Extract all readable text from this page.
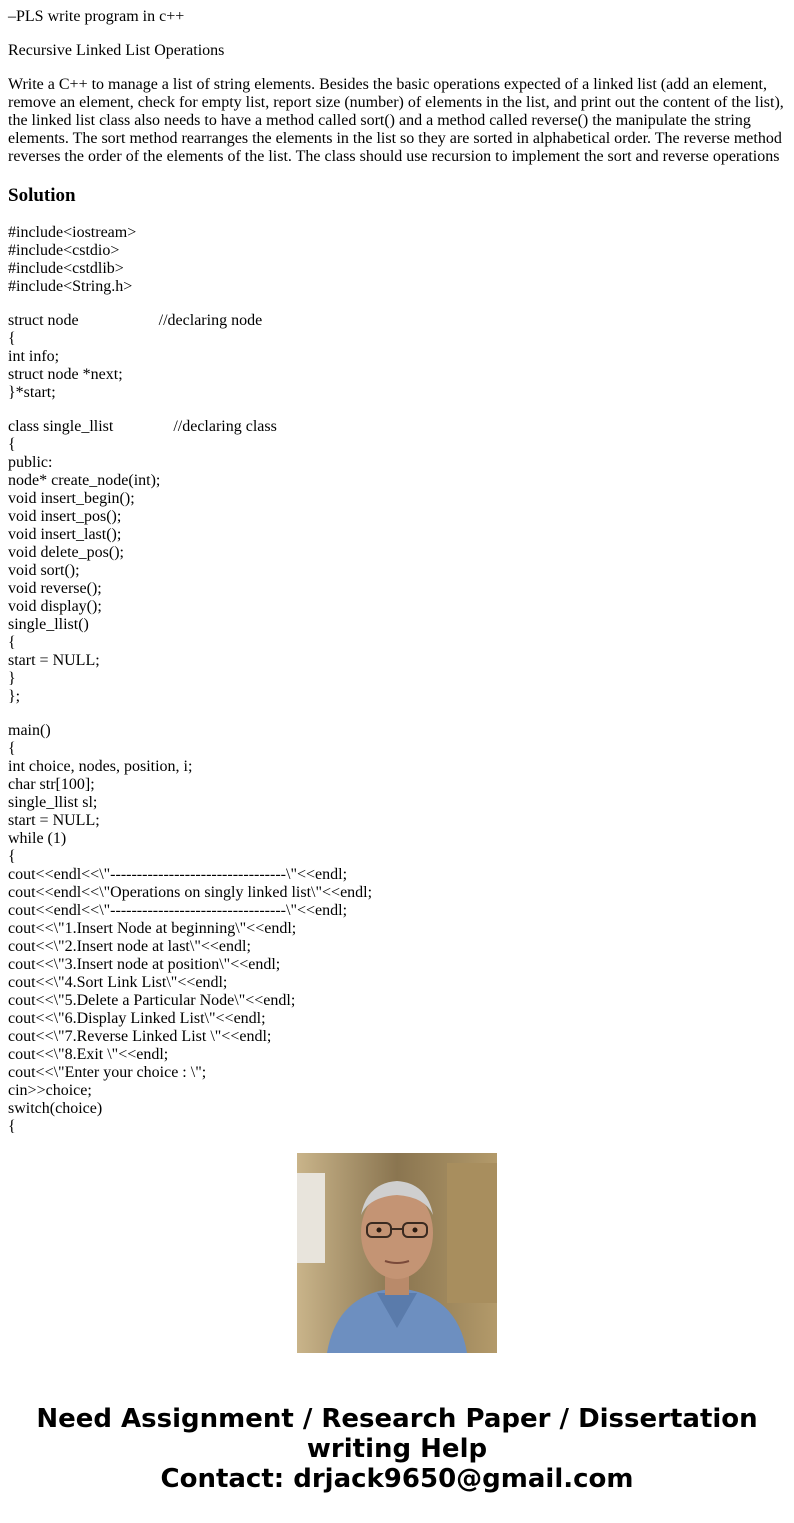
–PLS write program in c++
Recursive Linked List Operations
Write a C++ to manage a list of string elements. Besides the basic operations expected of a linked list (add an element, remove an element, check for empty list, report size (number) of elements in the list, and print out the content of the list), the linked list class also needs to have a method called sort() and a method called reverse() the manipulate the string elements. The sort method rearranges the elements in the list so they are sorted in alphabetical order. The reverse method reverses the order of the elements of the list. The class should use recursion to implement the sort and reverse operations
Solution
#include<iostream>
#include<cstdio>
#include<cstdlib>
#include<String.h>
struct node                    //declaring node
{
int info;
struct node *next;
}*start;
class single_llist               //declaring class
{
public:
node* create_node(int);
void insert_begin();
void insert_pos();
void insert_last();
void delete_pos();
void sort();
void reverse();
void display();
single_llist()
{
start = NULL;
}
};
main()
{
int choice, nodes, position, i;
char str[100];
single_llist sl;
start = NULL;
while (1)
{
cout<<endl<<\"---------------------------------\"<<endl;
cout<<endl<<\"Operations on singly linked list\"<<endl;
cout<<endl<<\"---------------------------------\"<<endl;
cout<<\"1.Insert Node at beginning\"<<endl;
cout<<\"2.Insert node at last\"<<endl;
cout<<\"3.Insert node at position\"<<endl;
cout<<\"4.Sort Link List\"<<endl;
cout<<\"5.Delete a Particular Node\"<<endl;
cout<<\"6.Display Linked List\"<<endl;
cout<<\"7.Reverse Linked List \"<<endl;
cout<<\"8.Exit \"<<endl;
cout<<\"Enter your choice : \";
cin>>choice;
switch(choice)
{
Need Assignment / Research Paper / Dissertation
writing Help
Contact: drjack9650@gmail.com
